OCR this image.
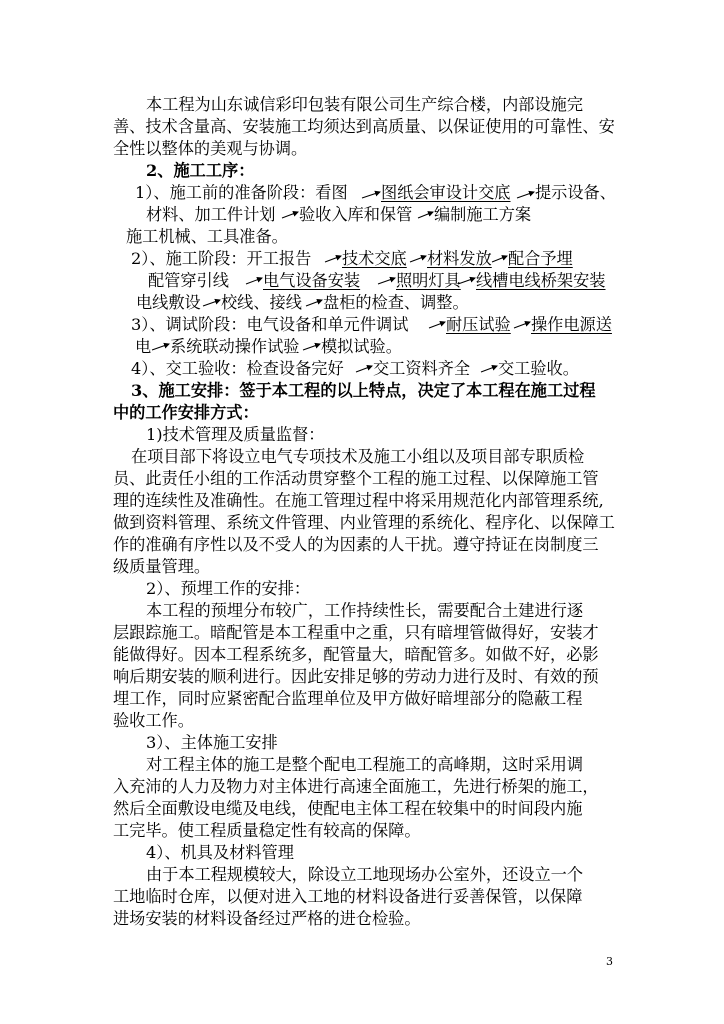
本工程为山东诚信彩印包装有限公司生产综合楼，内部设施完
善、技术含量高、安装施工均须达到高质量、以保证使用的可靠性、安
全性以整体的美观与协调。
2、施工工序：
1）、施工前的准备阶段：看图 图纸会审设计交底 提示设备、
材料、加工件计划 验收入库和保管 编制施工方案
施工机械、工具准备。
2）、施工阶段：开工报告 技术交底 材料发放 配合予埋
配管穿引线 电气设备安装 照明灯具 线槽电线桥架安装
电线敷设 校线、接线 盘柜的检查、调整。
3）、调试阶段：电气设备和单元件调试 耐压试验 操作电源送
电 系统联动操作试验 模拟试验。
4）、交工验收：检查设备完好 交工资料齐全 交工验收。
3、施工安排：签于本工程的以上特点，决定了本工程在施工过程
中的工作安排方式：
1)技术管理及质量监督：
在项目部下将设立电气专项技术及施工小组以及项目部专职质检
员、此责任小组的工作活动贯穿整个工程的施工过程、以保障施工管
理的连续性及准确性。在施工管理过程中将采用规范化内部管理系统,
做到资料管理、系统文件管理、内业管理的系统化、程序化、以保障工
作的准确有序性以及不受人的为因素的人干扰。遵守持证在岗制度三
级质量管理。
2）、预埋工作的安排：
本工程的预埋分布较广，工作持续性长，需要配合土建进行逐
层跟踪施工。暗配管是本工程重中之重，只有暗埋管做得好，安装才
能做得好。因本工程系统多，配管量大，暗配管多。如做不好，必影
响后期安装的顺利进行。因此安排足够的劳动力进行及时、有效的预
埋工作，同时应紧密配合监理单位及甲方做好暗埋部分的隐蔽工程
验收工作。
3）、主体施工安排
对工程主体的施工是整个配电工程施工的高峰期，这时采用调
入充沛的人力及物力对主体进行高速全面施工，先进行桥架的施工，
然后全面敷设电缆及电线，使配电主体工程在较集中的时间段内施
工完毕。使工程质量稳定性有较高的保障。
4）、机具及材料管理
由于本工程规模较大，除设立工地现场办公室外，还设立一个
工地临时仓库，以便对进入工地的材料设备进行妥善保管，以保障
进场安装的材料设备经过严格的进仓检验。
3
